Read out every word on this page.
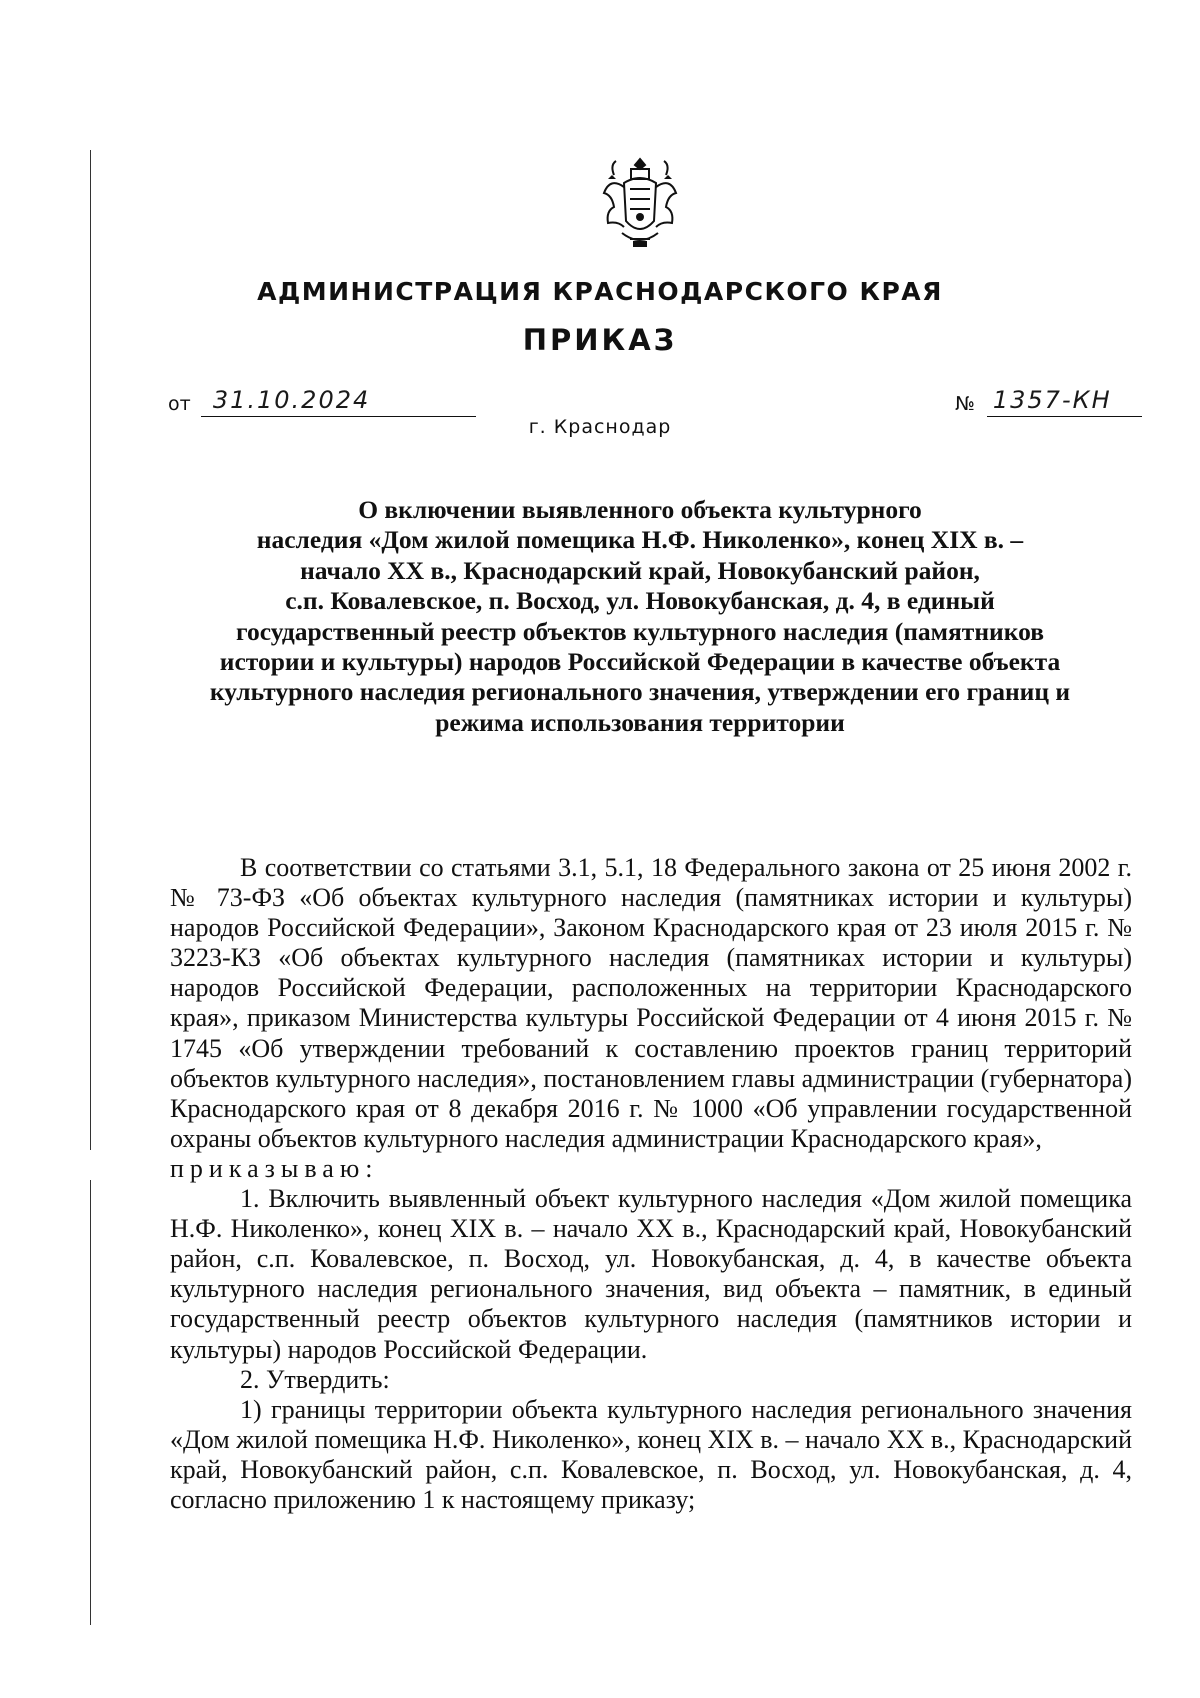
АДМИНИСТРАЦИЯ КРАСНОДАРСКОГО КРАЯ
ПРИКАЗ
от 31.10.2024	№ 1357-КН
г. Краснодар
О включении выявленного объекта культурного
наследия «Дом жилой помещика Н.Ф. Николенко», конец XIX в. –
начало XX в., Краснодарский край, Новокубанский район,
с.п. Ковалевское, п. Восход, ул. Новокубанская, д. 4, в единый
государственный реестр объектов культурного наследия (памятников
истории и культуры) народов Российской Федерации в качестве объекта
культурного наследия регионального значения, утверждении его границ и
режима использования территории

В соответствии со статьями 3.1, 5.1, 18 Федерального закона от 25 июня 2002 г. № 73-ФЗ «Об объектах культурного наследия (памятниках истории и культуры) народов Российской Федерации», Законом Краснодарского края от 23 июля 2015 г. № 3223-КЗ «Об объектах культурного наследия (памятниках истории и культуры) народов Российской Федерации, расположенных на территории Краснодарского края», приказом Министерства культуры Российской Федерации от 4 июня 2015 г. № 1745 «Об утверждении требований к составлению проектов границ территорий объектов культурного наследия», постановлением главы администрации (губернатора) Краснодарского края от 8 декабря 2016 г. № 1000 «Об управлении государственной охраны объектов культурного наследия администрации Краснодарского края»,

приказываю:

1. Включить выявленный объект культурного наследия «Дом жилой помещика Н.Ф. Николенко», конец XIX в. – начало XX в., Краснодарский край, Новокубанский район, с.п. Ковалевское, п. Восход, ул. Новокубанская, д. 4, в качестве объекта культурного наследия регионального значения, вид объекта – памятник, в единый государственный реестр объектов культурного наследия (памятников истории и культуры) народов Российской Федерации.

2. Утвердить:

1) границы территории объекта культурного наследия регионального значения «Дом жилой помещика Н.Ф. Николенко», конец XIX в. – начало XX в., Краснодарский край, Новокубанский район, с.п. Ковалевское, п. Восход, ул. Новокубанская, д. 4, согласно приложению 1 к настоящему приказу;
